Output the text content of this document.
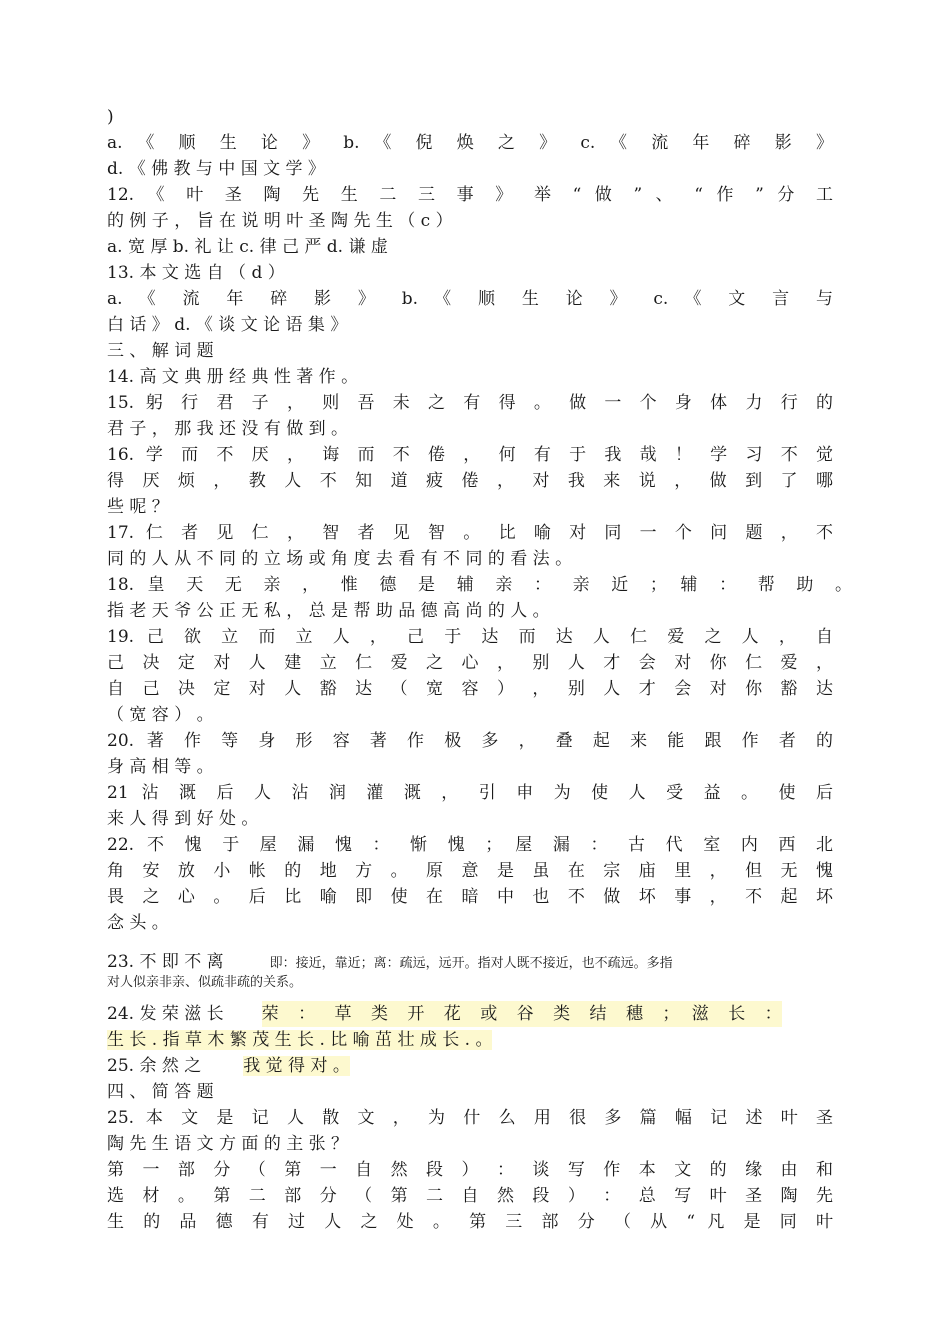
)
a. 《 顺 生 论 》 b. 《 倪 焕 之 》 c. 《 流 年 碎 影 》
d. 《 佛 教 与 中 国 文 学 》
12. 《 叶 圣 陶 先 生 二 三 事 》 举 “ 做 ” 、 “ 作 ” 分 工
的 例 子 ， 旨 在 说 明 叶 圣 陶 先 生 （ c ）
a. 宽 厚 b. 礼 让 c. 律 己 严 d. 谦 虚
13. 本 文 选 自 （ d ）
a. 《 流 年 碎 影 》 b. 《 顺 生 论 》 c. 《 文 言 与
白 话 》 d. 《 谈 文 论 语 集 》
三 、 解 词 题
14. 高 文 典 册 经 典 性 著 作 。
15. 躬 行 君 子 ， 则 吾 未 之 有 得 。 做 一 个 身 体 力 行 的
君 子 ， 那 我 还 没 有 做 到 。
16. 学 而 不 厌 ， 诲 而 不 倦 ， 何 有 于 我 哉 ！ 学 习 不 觉
得 厌 烦 ， 教 人 不 知 道 疲 倦 ， 对 我 来 说 ， 做 到 了 哪
些 呢 ？
17. 仁 者 见 仁 ， 智 者 见 智 。 比 喻 对 同 一 个 问 题 ， 不
同 的 人 从 不 同 的 立 场 或 角 度 去 看 有 不 同 的 看 法 。
18. 皇 天 无 亲 ， 惟 德 是 辅 亲 ： 亲 近 ； 辅 ： 帮 助 。
指 老 天 爷 公 正 无 私 ， 总 是 帮 助 品 德 高 尚 的 人 。
19. 己 欲 立 而 立 人 ， 己 于 达 而 达 人 仁 爱 之 人 ， 自
己 决 定 对 人 建 立 仁 爱 之 心 ， 别 人 才 会 对 你 仁 爱 ，
自 己 决 定 对 人 豁 达 （ 宽 容 ） ， 别 人 才 会 对 你 豁 达
（ 宽 容 ） 。
20. 著 作 等 身 形 容 著 作 极 多 ， 叠 起 来 能 跟 作 者 的
身 高 相 等 。
21 沾 溉 后 人 沾 润 灌 溉 ， 引 申 为 使 人 受 益 。 使 后
来 人 得 到 好 处 。
22. 不 愧 于 屋 漏 愧 ： 惭 愧 ； 屋 漏 ： 古 代 室 内 西 北
角 安 放 小 帐 的 地 方 。 原 意 是 虽 在 宗 庙 里 ， 但 无 愧
畏 之 心 。 后 比 喻 即 使 在 暗 中 也 不 做 坏 事 ， 不 起 坏
念 头 。
23. 不 即 不 离	即：接近，靠近；离：疏远，远开。指对人既不接近，也不疏远。多指
对人似亲非亲、似疏非疏的关系。
24. 发 荣 滋 长 荣 ： 草 类 开 花 或 谷 类 结 穗 ； 滋 长 ：
生 长 . 指 草 木 繁 茂 生 长 . 比 喻 茁 壮 成 长 . 。
25. 余 然 之 我 觉 得 对 。
四 、 简 答 题
25. 本 文 是 记 人 散 文 ， 为 什 么 用 很 多 篇 幅 记 述 叶 圣
陶 先 生 语 文 方 面 的 主 张 ？
第 一 部 分 （ 第 一 自 然 段 ） ： 谈 写 作 本 文 的 缘 由 和
选 材 。 第 二 部 分 （ 第 二 自 然 段 ） ： 总 写 叶 圣 陶 先
生 的 品 德 有 过 人 之 处 。 第 三 部 分 （ 从 “ 凡 是 同 叶
